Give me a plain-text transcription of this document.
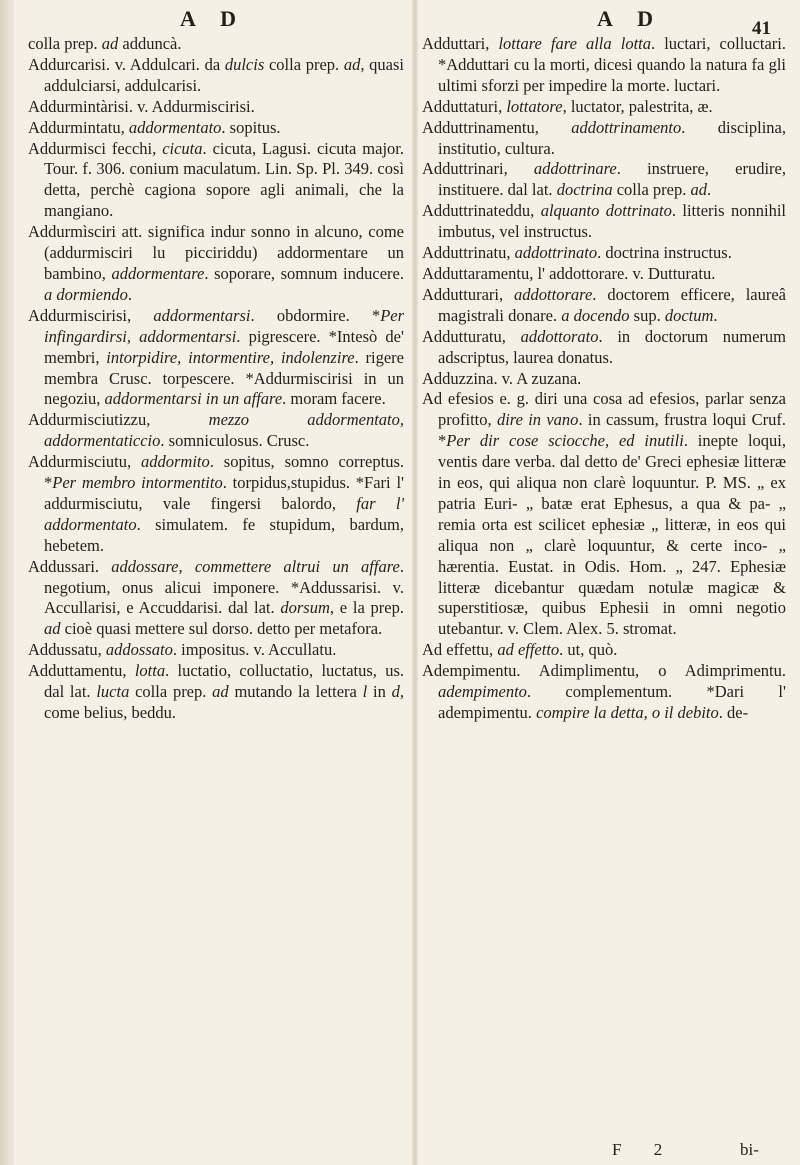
A D	A D	41

colla prep. ad adduncà.

Addurcarisi. v. Addulcari. da dulcis colla prep. ad, quasi addulciarsi, addulcarisi.

Addurmintàrisi. v. Addurmiscirisi.

Addurmintatu, addormentato. sopitus.

Addurmisci fecchi, cicuta. cicuta, Lagusi. cicuta major. Tour. f. 306. conium maculatum. Lin. Sp. Pl. 349. così detta, perchè cagiona sopore agli animali, che la mangiano.

Addurmìsciri att. significa indur sonno in alcuno, come (addurmisciri lu picciriddu) addormentare un bambino, addormentare. soporare, somnum inducere. a dormiendo.

Addurmiscirisi, addormentarsi. obdormire. *Per infingardirsi, addormentarsi. pigrescere. *Intesò de' membri, intorpidire, intormentire, indolenzire. rigere membra Crusc. torpescere. *Addurmiscirisi in un negoziu, addormentarsi in un affare. moram facere.

Addurmisciutizzu, mezzo addormentato, addormentaticcio. somniculosus. Crusc.

Addurmisciutu, addormito. sopitus, somno correptus. *Per membro intormentito. torpidus,stupidus. *Fari l' addurmisciutu, vale fingersi balordo, far l' addormentato. simulatem. fe stupidum, bardum, hebetem.

Addussari. addossare, commettere altrui un affare. negotium, onus alicui imponere. *Addussarisi. v. Accullarisi, e Accuddarisi. dal lat. dorsum, e la prep. ad cioè quasi mettere sul dorso. detto per metafora.

Addussatu, addossato. impositus. v. Accullatu.

Adduttamentu, lotta. luctatio, colluctatio, luctatus, us. dal lat. lucta colla prep. ad mutando la lettera l in d, come belius, beddu.

Adduttari, lottare fare alla lotta. luctari, colluctari. *Adduttari cu la morti, dicesi quando la natura fa gli ultimi sforzi per impedire la morte. luctari.

Adduttaturi, lottatore, luctator, palestrita, æ.

Adduttrinamentu, addottrinamento. disciplina, institutio, cultura.

Adduttrinari, addottrinare. instruere, erudire, instituere. dal lat. doctrina colla prep. ad.

Adduttrinateddu, alquanto dottrinato. litteris nonnihil imbutus, vel instructus.

Adduttrinatu, addottrinato. doctrina instructus.

Adduttaramentu, l' addottorare. v. Dutturatu.

Addutturari, addottorare. doctorem efficere, laureâ magistrali donare. a docendo sup. doctum.

Addutturatu, addottorato. in doctorum numerum adscriptus, laurea donatus.

Adduzzina. v. A zuzana.

Ad efesios e. g. diri una cosa ad efesios, parlar senza profitto, dire in vano. in cassum, frustra loqui Cruf. *Per dir cose sciocche, ed inutili. inepte loqui, ventis dare verba. dal detto de' Greci ephesiæ litteræ in eos, qui aliqua non clarè loquuntur. P. MS. „ ex patria Euri- „ batæ erat Ephesus, a qua & pa- „ remia orta est scilicet ephesiæ „ litteræ, in eos qui aliqua non „ clarè loquuntur, & certe inco- „ hærentia. Eustat. in Odis. Hom. „ 247. Ephesiæ litteræ dicebantur quædam notulæ magicæ & superstitiosæ, quibus Ephesii in omni negotio utebantur. v. Clem. Alex. 5. stromat.

Ad effettu, ad effetto. ut, quò.

Adempimentu. Adimplimentu, o Adimprimentu. adempimento. complementum. *Dari l' adempimentu. compire la detta, o il debito. de-

F 2	bi-
